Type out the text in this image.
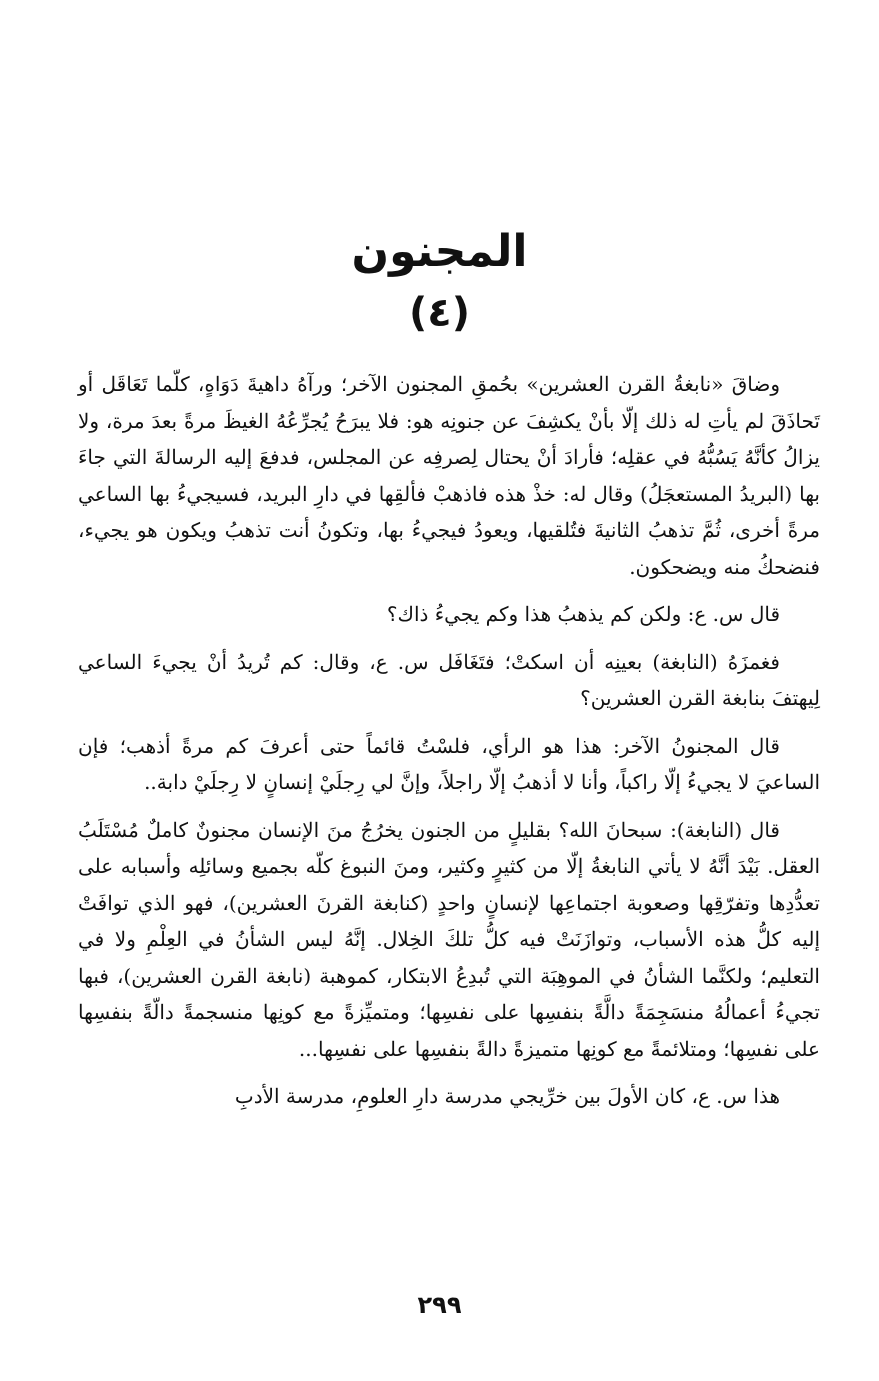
المجنون
(٤)

وضاقَ «نابغةُ القرن العشرين» بحُمقِ المجنون الآخر؛ ورآهُ داهيةَ دَوَاهٍ، كلّما تَعَاقَل أو تَحاذَقَ لم يأتِ له ذلك إلّا بأنْ يكشِفَ عن جنونِه هو: فلا يبرَحُ يُجرِّعُهُ الغيظَ مرةً بعدَ مرة، ولا يزالُ كأنَّهُ يَسُبُّهُ في عقلِه؛ فأرادَ أنْ يحتال لِصرفِه عن المجلس، فدفعَ إليه الرسالةَ التي جاءَ بها (البريدُ المستعجَلُ) وقال له: خذْ هذه فاذهبْ فألقِها في دارِ البريد، فسيجيءُ بها الساعي مرةً أخرى، ثُمَّ تذهبُ الثانيةَ فتُلقيها، ويعودُ فيجيءُ بها، وتكونُ أنت تذهبُ ويكون هو يجيء، فنضحكُ منه ويضحكون.

قال س. ع: ولكن كم يذهبُ هذا وكم يجيءُ ذاك؟

فغمزَهُ (النابغة) بعينِه أن اسكتْ؛ فتَغَافَل س. ع، وقال: كم تُريدُ أنْ يجيءَ الساعي لِيهتفَ بنابغة القرن العشرين؟

قال المجنونُ الآخر: هذا هو الرأي، فلسْتُ قائماً حتى أعرفَ كم مرةً أذهب؛ فإن الساعيَ لا يجيءُ إلّا راكباً، وأنا لا أذهبُ إلّا راجلاً، وإنَّ لي رِجلَيْ إنسانٍ لا رِجلَيْ دابة..

قال (النابغة): سبحانَ الله؟ بقليلٍ من الجنون يخرُجُ منَ الإنسان مجنونٌ كاملٌ مُسْتَلَبُ العقل. بَيْدَ أنَّهُ لا يأتي النابغةُ إلّا من كثيرٍ وكثير، ومنَ النبوغ كلّه بجميع وسائلِه وأسبابه على تعدُّدِها وتفرّقِها وصعوبة اجتماعِها لإنسانٍ واحدٍ (كنابغة القرنَ العشرين)، فهو الذي توافَتْ إليه كلُّ هذه الأسباب، وتوازَنَتْ فيه كلُّ تلكَ الخِلال. إنَّهُ ليس الشأنُ في العِلْمِ ولا في التعليم؛ ولكنَّما الشأنُ في الموهِبَة التي تُبدِعُ الابتكار، كموهبة (نابغة القرن العشرين)، فبها تجيءُ أعمالُهُ منسَجِمَةً دالَّةً بنفسِها على نفسِها؛ ومتميِّزةً مع كونِها منسجمةً دالّةً بنفسِها على نفسِها؛ ومتلائمةً مع كونِها متميزةً دالةً بنفسِها على نفسِها...

هذا س. ع، كان الأولَ بين خرِّيجي مدرسة دارِ العلومِ، مدرسة الأدبِ

٢٩٩
